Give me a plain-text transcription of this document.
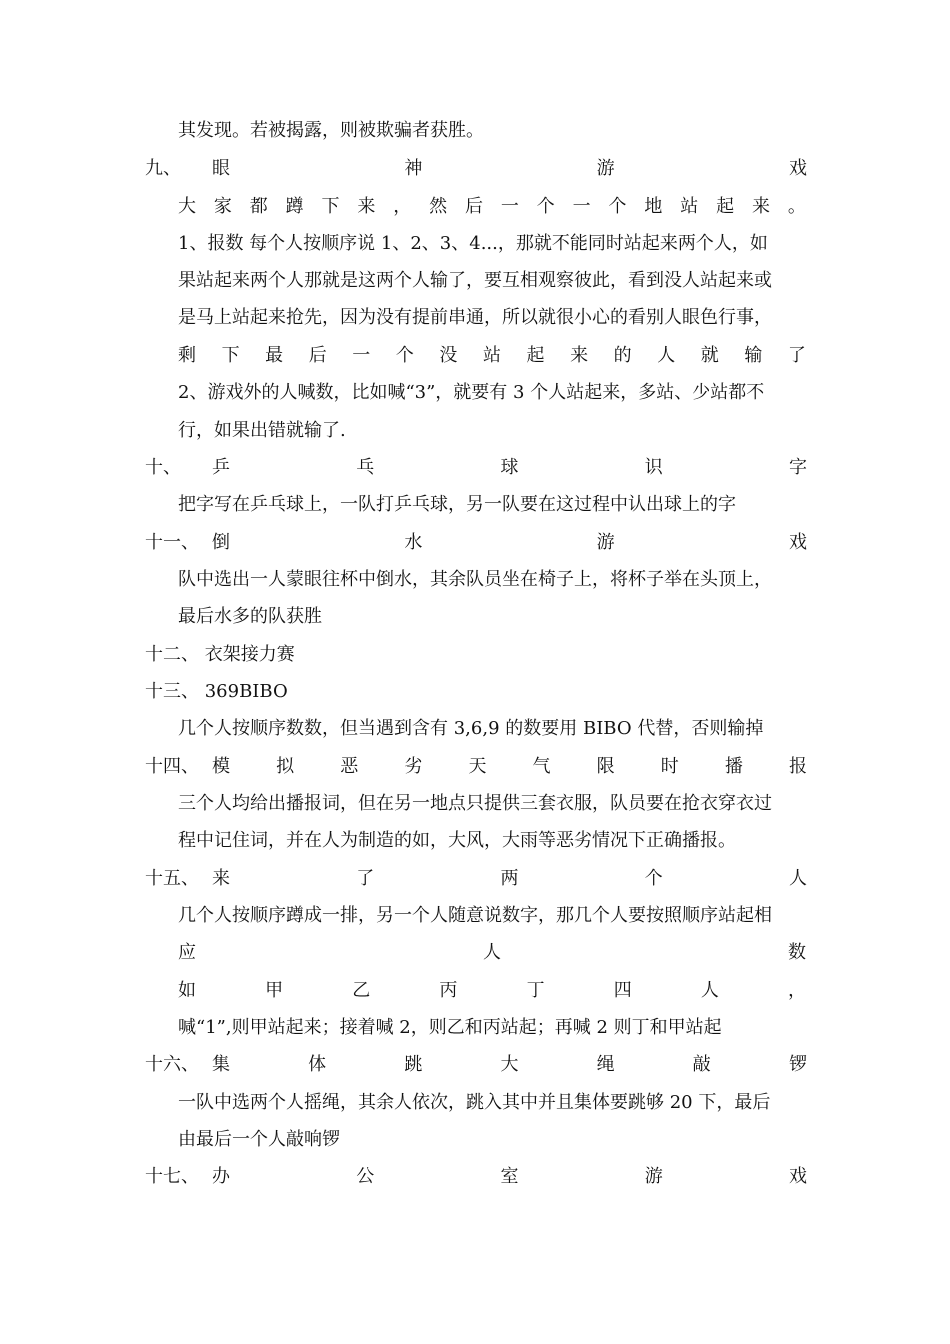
其发现。若被揭露，则被欺骗者获胜。
九、 眼	神	游	戏
大 家 都 蹲 下 来 ， 然 后 一 个 一 个 地 站 起 来 。
1、报数 每个人按顺序说 1、2、3、4...，那就不能同时站起来两个人，如
果站起来两个人那就是这两个人输了，要互相观察彼此，看到没人站起来或
是马上站起来抢先，因为没有提前串通，所以就很小心的看别人眼色行事，
剩 下 最 后 一 个 没 站 起 来 的 人 就 输 了
2、游戏外的人喊数，比如喊“3”，就要有 3 个人站起来，多站、少站都不
行，如果出错就输了.
十、 乒	乓	球	识	字
把字写在乒乓球上，一队打乒乓球，另一队要在这过程中认出球上的字
十一、 倒	水	游	戏
队中选出一人蒙眼往杯中倒水，其余队员坐在椅子上，将杯子举在头顶上，
最后水多的队获胜
十二、 衣架接力赛
十三、 369BIBO
几个人按顺序数数，但当遇到含有 3,6,9 的数要用 BIBO 代替，否则输掉
十四、 模	拟	恶	劣	天	气	限	时	播	报
三个人均给出播报词，但在另一地点只提供三套衣服，队员要在抢衣穿衣过
程中记住词，并在人为制造的如，大风，大雨等恶劣情况下正确播报。
十五、 来	了	两	个	人
几个人按顺序蹲成一排，另一个人随意说数字，那几个人要按照顺序站起相
应	人	数
如	甲	乙	丙	丁	四	人	，
喊“1”,则甲站起来；接着喊 2，则乙和丙站起；再喊 2 则丁和甲站起
十六、 集	体	跳	大	绳	敲	锣
一队中选两个人摇绳，其余人依次，跳入其中并且集体要跳够 20 下，最后
由最后一个人敲响锣
十七、 办	公	室	游	戏
